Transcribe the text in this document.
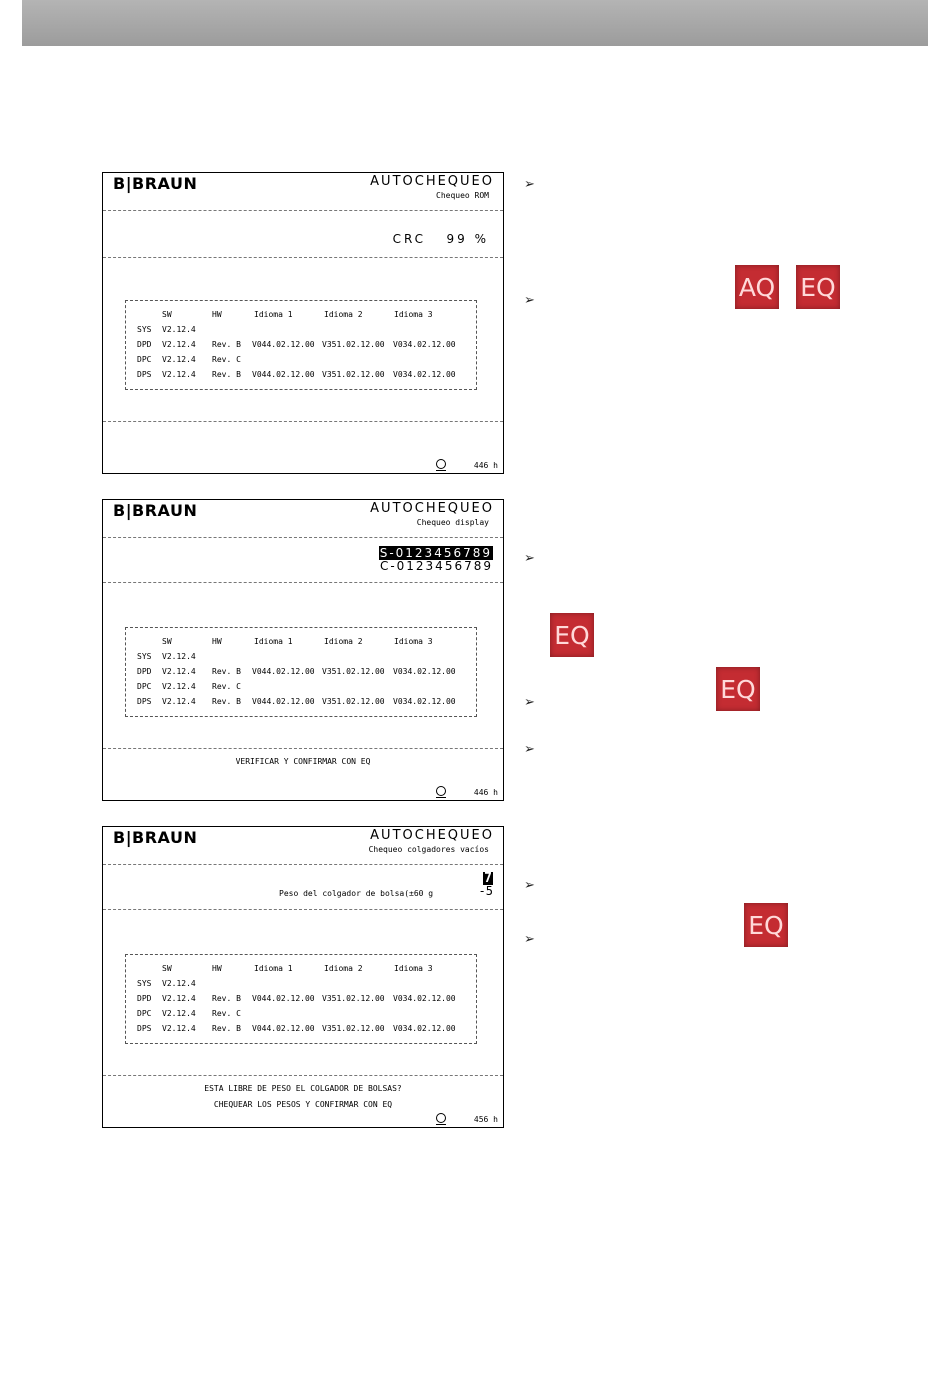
B|BRAUN	AUTOCHEQUEO
Chequeo ROM
CRC   99 %
SW	HW	Idioma 1	Idioma 2	Idioma 3
SYS V2.12.4
DPD V2.12.4 Rev. B V044.02.12.00 V351.02.12.00 V034.02.12.00
DPC V2.12.4 Rev. C
DPS V2.12.4 Rev. B V044.02.12.00 V351.02.12.00 V034.02.12.00
446 h
B|BRAUN	AUTOCHEQUEO
Chequeo display
S-0123456789
C-0123456789
SW	HW	Idioma 1	Idioma 2	Idioma 3
SYS V2.12.4
DPD V2.12.4 Rev. B V044.02.12.00 V351.02.12.00 V034.02.12.00
DPC V2.12.4 Rev. C
DPS V2.12.4 Rev. B V044.02.12.00 V351.02.12.00 V034.02.12.00
VERIFICAR Y CONFIRMAR CON EQ
446 h
B|BRAUN	AUTOCHEQUEO
Chequeo colgadores vacíos
7
-5
Peso del colgador de bolsa(±60 g
SW	HW	Idioma 1	Idioma 2	Idioma 3
SYS V2.12.4
DPD V2.12.4 Rev. B V044.02.12.00 V351.02.12.00 V034.02.12.00
DPC V2.12.4 Rev. C
DPS V2.12.4 Rev. B V044.02.12.00 V351.02.12.00 V034.02.12.00
ESTA LIBRE DE PESO EL COLGADOR DE BOLSAS?
CHEQUEAR LOS PESOS Y CONFIRMAR CON EQ
456 h
➢
➢	AQ EQ
➢
EQ
EQ
➢
➢
➢
➢	EQ
